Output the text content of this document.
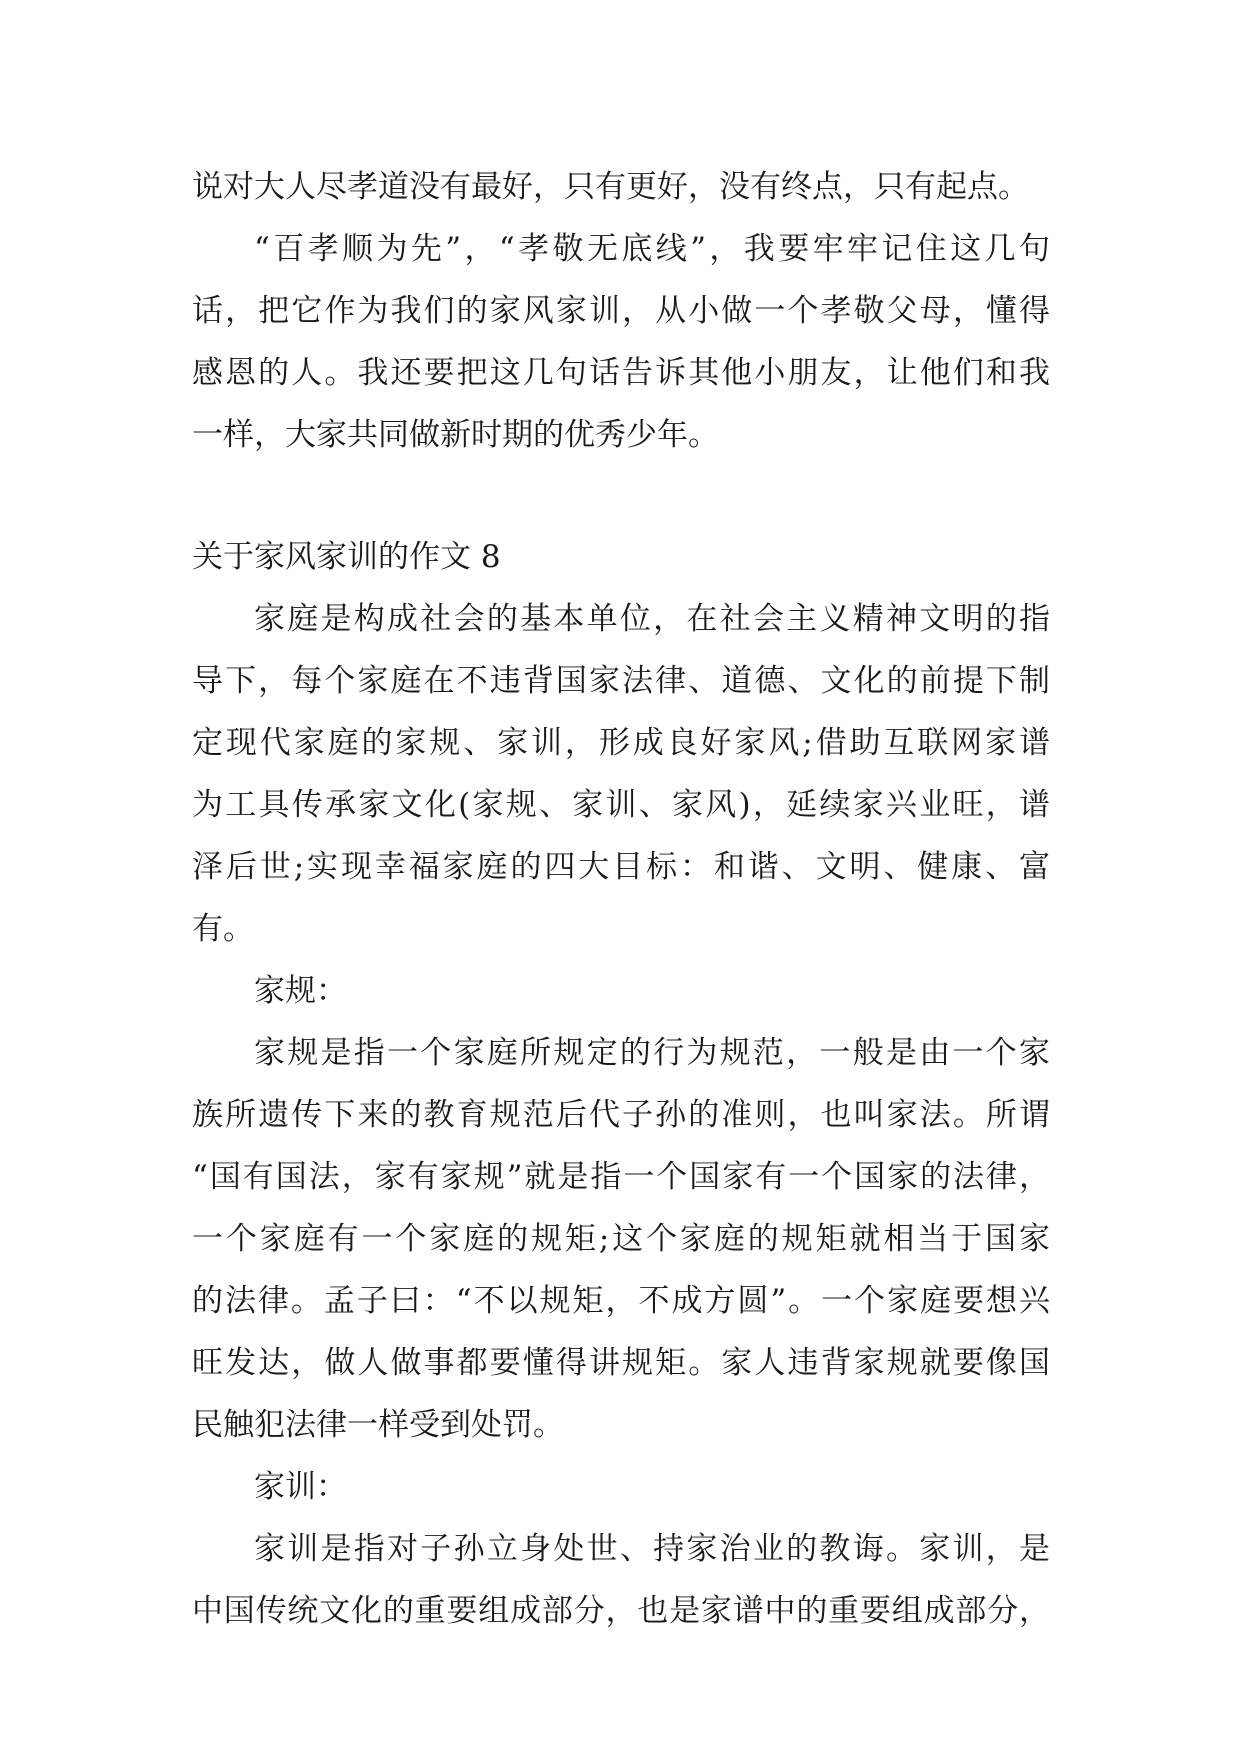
说对大人尽孝道没有最好，只有更好，没有终点，只有起点。
“百孝顺为先”，“孝敬无底线”，我要牢牢记住这几句
话，把它作为我们的家风家训，从小做一个孝敬父母，懂得
感恩的人。我还要把这几句话告诉其他小朋友，让他们和我
一样，大家共同做新时期的优秀少年。
关于家风家训的作文 8
家庭是构成社会的基本单位，在社会主义精神文明的指
导下，每个家庭在不违背国家法律、道德、文化的前提下制
定现代家庭的家规、家训，形成良好家风;借助互联网家谱
为工具传承家文化(家规、家训、家风)，延续家兴业旺，谱
泽后世;实现幸福家庭的四大目标：和谐、文明、健康、富
有。
家规：
家规是指一个家庭所规定的行为规范，一般是由一个家
族所遗传下来的教育规范后代子孙的准则，也叫家法。所谓
“国有国法，家有家规”就是指一个国家有一个国家的法律，
一个家庭有一个家庭的规矩;这个家庭的规矩就相当于国家
的法律。孟子曰：“不以规矩，不成方圆”。一个家庭要想兴
旺发达，做人做事都要懂得讲规矩。家人违背家规就要像国
民触犯法律一样受到处罚。
家训：
家训是指对子孙立身处世、持家治业的教诲。家训，是
中国传统文化的重要组成部分，也是家谱中的重要组成部分，
